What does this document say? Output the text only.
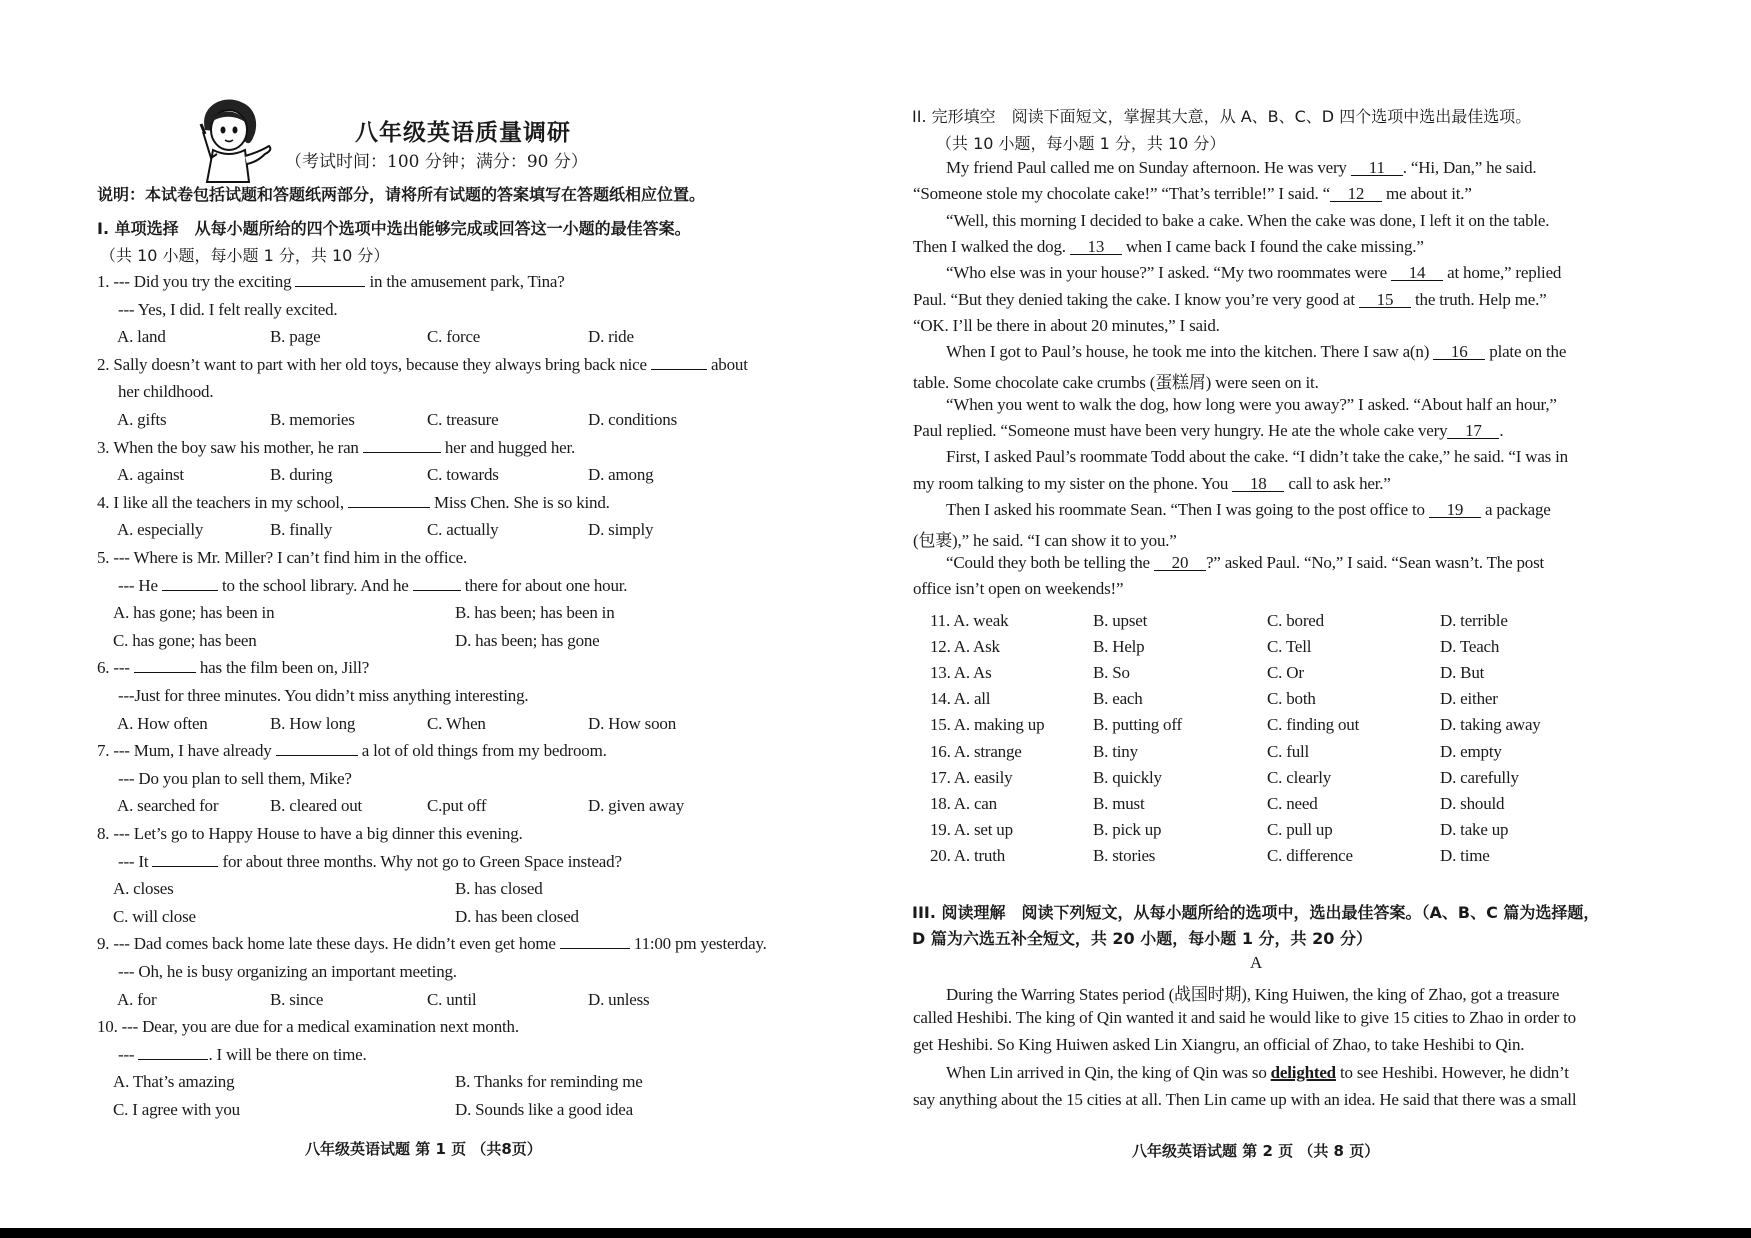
八年级英语质量调研
（考试时间：100 分钟；满分：90 分）
说明：本试卷包括试题和答题纸两部分，请将所有试题的答案填写在答题纸相应位置。
I. 单项选择　从每小题所给的四个选项中选出能够完成或回答这一小题的最佳答案。
（共 10 小题，每小题 1 分，共 10 分）
1. --- Did you try the exciting	in the amusement park, Tina?
--- Yes, I did. I felt really excited.
A. land	B. page	C. force	D. ride
2. Sally doesn’t want to part with her old toys, because they always bring back nice	about
her childhood.
A. gifts	B. memories	C. treasure	D. conditions
3. When the boy saw his mother, he ran	her and hugged her.
A. against	B. during	C. towards	D. among
4. I like all the teachers in my school,	Miss Chen. She is so kind.
A. especially	B. finally	C. actually	D. simply
5. --- Where is Mr. Miller? I can’t find him in the office.
--- He	to the school library. And he	there for about one hour.
A. has gone; has been in	B. has been; has been in
C. has gone; has been	D. has been; has gone
6. ---	has the film been on, Jill?
---Just for three minutes. You didn’t miss anything interesting.
A. How often	B. How long	C. When	D. How soon
7. --- Mum, I have already	a lot of old things from my bedroom.
--- Do you plan to sell them, Mike?
A. searched for	B. cleared out	C.put off	D. given away
8. --- Let’s go to Happy House to have a big dinner this evening.
--- It	for about three months. Why not go to Green Space instead?
A. closes	B. has closed
C. will close	D. has been closed
9. --- Dad comes back home late these days. He didn’t even get home	11:00 pm yesterday.
--- Oh, he is busy organizing an important meeting.
A. for	B. since	C. until	D. unless
10. --- Dear, you are due for a medical examination next month.
---	. I will be there on time.
A. That’s amazing	B. Thanks for reminding me
C. I agree with you	D. Sounds like a good idea
八年级英语试题 第 1 页 （共8页）
II. 完形填空　阅读下面短文，掌握其大意，从 A、B、C、D 四个选项中选出最佳选项。
（共 10 小题，每小题 1 分，共 10 分）
My friend Paul called me on Sunday afternoon. He was very 11 . “Hi, Dan,” he said.
“Someone stole my chocolate cake!” “That’s terrible!” I said. “ 12 me about it.”
“Well, this morning I decided to bake a cake. When the cake was done, I left it on the table.
Then I walked the dog. 13 when I came back I found the cake missing.”
“Who else was in your house?” I asked. “My two roommates were 14 at home,” replied
Paul. “But they denied taking the cake. I know you’re very good at 15 the truth. Help me.”
“OK. I’ll be there in about 20 minutes,” I said.
When I got to Paul’s house, he took me into the kitchen. There I saw a(n) 16 plate on the
table. Some chocolate cake crumbs (蛋糕屑) were seen on it.
“When you went to walk the dog, how long were you away?” I asked. “About half an hour,”
Paul replied. “Someone must have been very hungry. He ate the whole cake very 17 .
First, I asked Paul’s roommate Todd about the cake. “I didn’t take the cake,” he said. “I was in
my room talking to my sister on the phone. You 18 call to ask her.”
Then I asked his roommate Sean. “Then I was going to the post office to 19 a package
(包裹),” he said. “I can show it to you.”
“Could they both be telling the 20 ?” asked Paul. “No,” I said. “Sean wasn’t. The post
office isn’t open on weekends!”
11. A. weak	B. upset	C. bored	D. terrible
12. A. Ask	B. Help	C. Tell	D. Teach
13. A. As	B. So	C. Or	D. But
14. A. all	B. each	C. both	D. either
15. A. making up	B. putting off	C. finding out	D. taking away
16. A. strange	B. tiny	C. full	D. empty
17. A. easily	B. quickly	C. clearly	D. carefully
18. A. can	B. must	C. need	D. should
19. A. set up	B. pick up	C. pull up	D. take up
20. A. truth	B. stories	C. difference	D. time
III. 阅读理解　阅读下列短文，从每小题所给的选项中，选出最佳答案。（A、B、C 篇为选择题，
D 篇为六选五补全短文，共 20 小题，每小题 1 分，共 20 分）
A
During the Warring States period (战国时期), King Huiwen, the king of Zhao, got a treasure
called Heshibi. The king of Qin wanted it and said he would like to give 15 cities to Zhao in order to
get Heshibi. So King Huiwen asked Lin Xiangru, an official of Zhao, to take Heshibi to Qin.
When Lin arrived in Qin, the king of Qin was so delighted to see Heshibi. However, he didn’t
say anything about the 15 cities at all. Then Lin came up with an idea. He said that there was a small
八年级英语试题 第 2 页 （共 8 页）
